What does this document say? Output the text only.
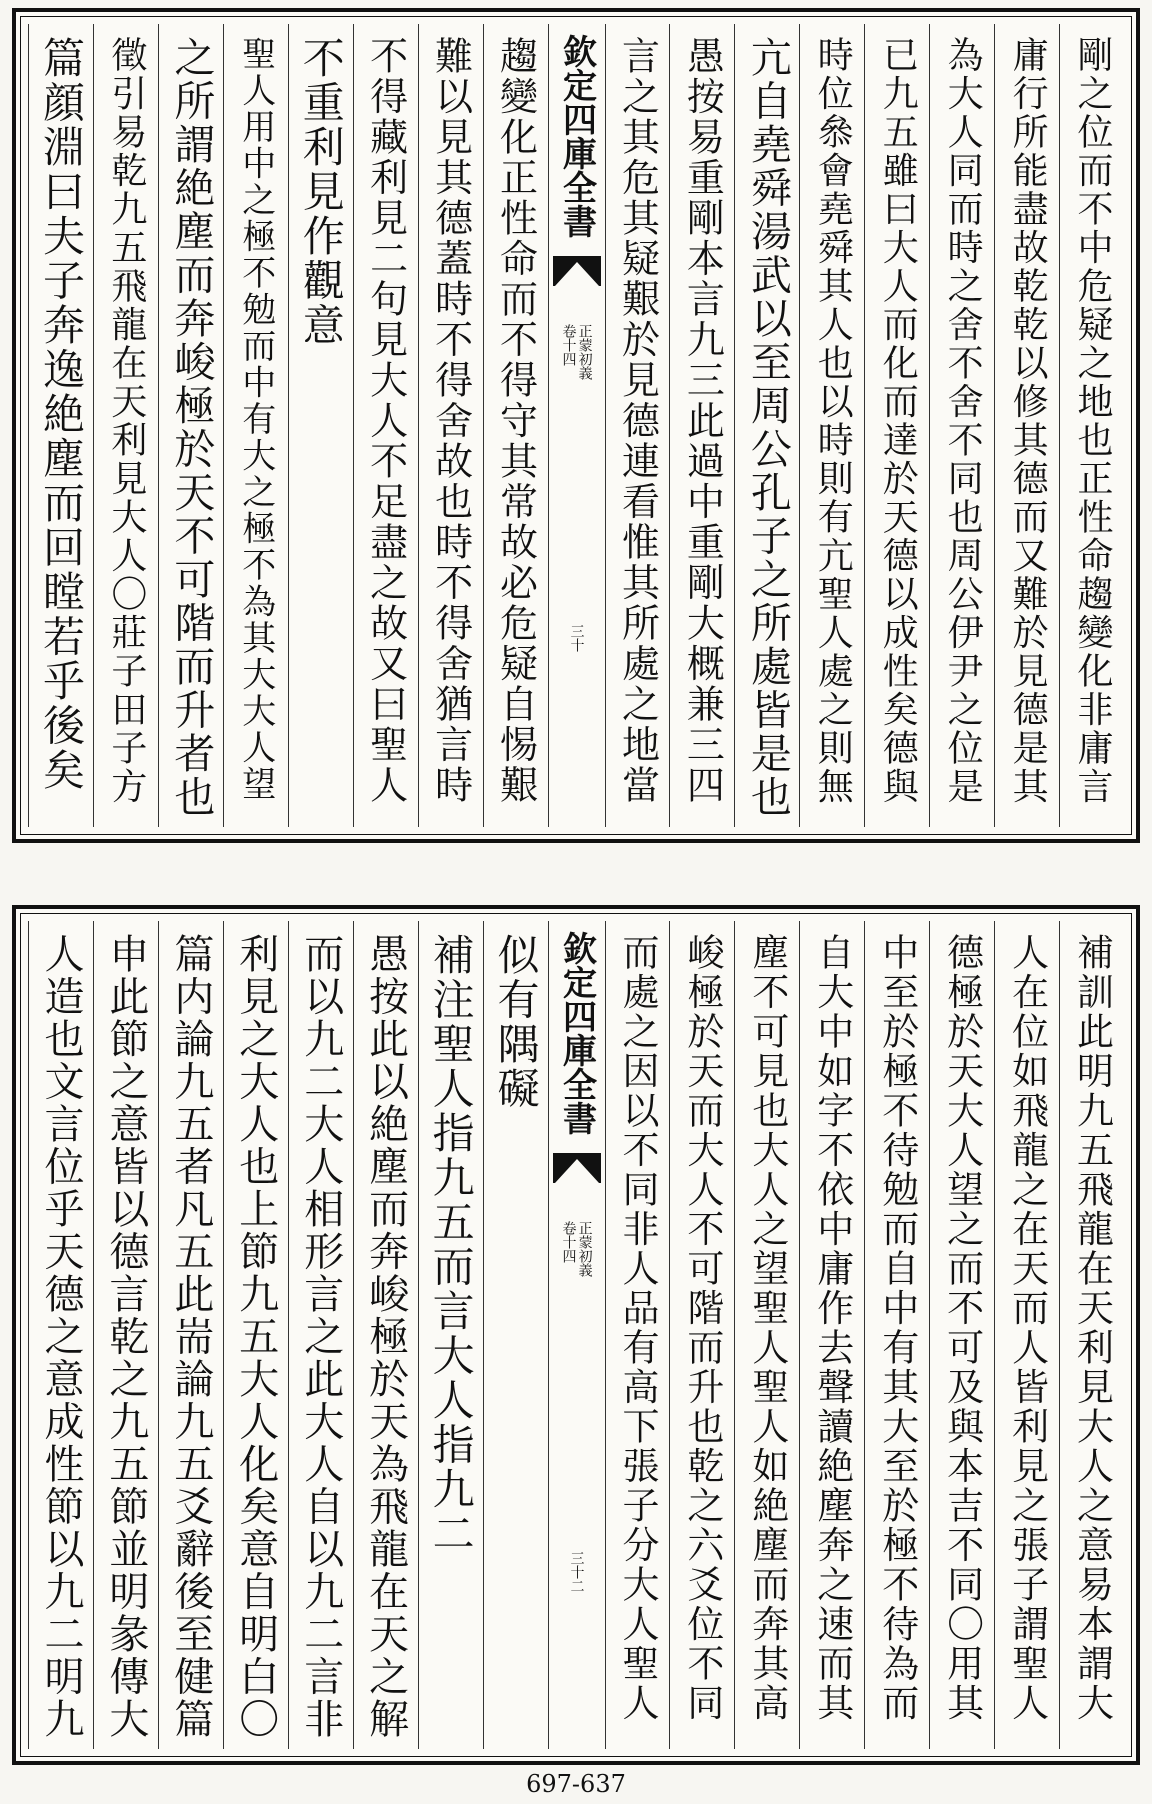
剛之位而不中危疑之地也正性命趨變化非庸言
庸行所能盡故乾乾以修其德而又難於見德是其
為大人同而時之舍不舍不同也周公伊尹之位是
已九五雖曰大人而化而達於天德以成性矣德與
時位叅會堯舜其人也以時則有亢聖人處之則無
亢自堯舜湯武以至周公孔子之所處皆是也
愚按易重剛本言九三此過中重剛大概兼三四
言之其危其疑艱於見德連看惟其所處之地當
欽定四庫全書
正蒙初義
卷十四
三十
趨變化正性命而不得守其常故必危疑自惕艱
難以見其德蓋時不得舍故也時不得舍猶言時
不得藏利見二句見大人不足盡之故又曰聖人
不重利見作觀意
聖人用中之極不勉而中有大之極不為其大大人望
之所謂絶塵而奔峻極於天不可階而升者也
徵引易乾九五飛龍在天利見大人〇莊子田子方
篇顔淵曰夫子奔逸絶塵而回瞠若乎後矣
補訓此明九五飛龍在天利見大人之意易本謂大
人在位如飛龍之在天而人皆利見之張子謂聖人
德極於天大人望之而不可及與本吉不同〇用其
中至於極不待勉而自中有其大至於極不待為而
自大中如字不依中庸作去聲讀絶塵奔之速而其
塵不可見也大人之望聖人聖人如絶塵而奔其高
峻極於天而大人不可階而升也乾之六爻位不同
而處之因以不同非人品有高下張子分大人聖人
欽定四庫全書
正蒙初義
卷十四
三十二
似有隅礙
補注聖人指九五而言大人指九二
愚按此以絶塵而奔峻極於天為飛龍在天之解
而以九二大人相形言之此大人自以九二言非
利見之大人也上節九五大人化矣意自明白〇
篇内論九五者凡五此耑論九五爻辭後至健篇
申此節之意皆以德言乾之九五節並明彖傳大
人造也文言位乎天德之意成性節以九二明九
697-637
